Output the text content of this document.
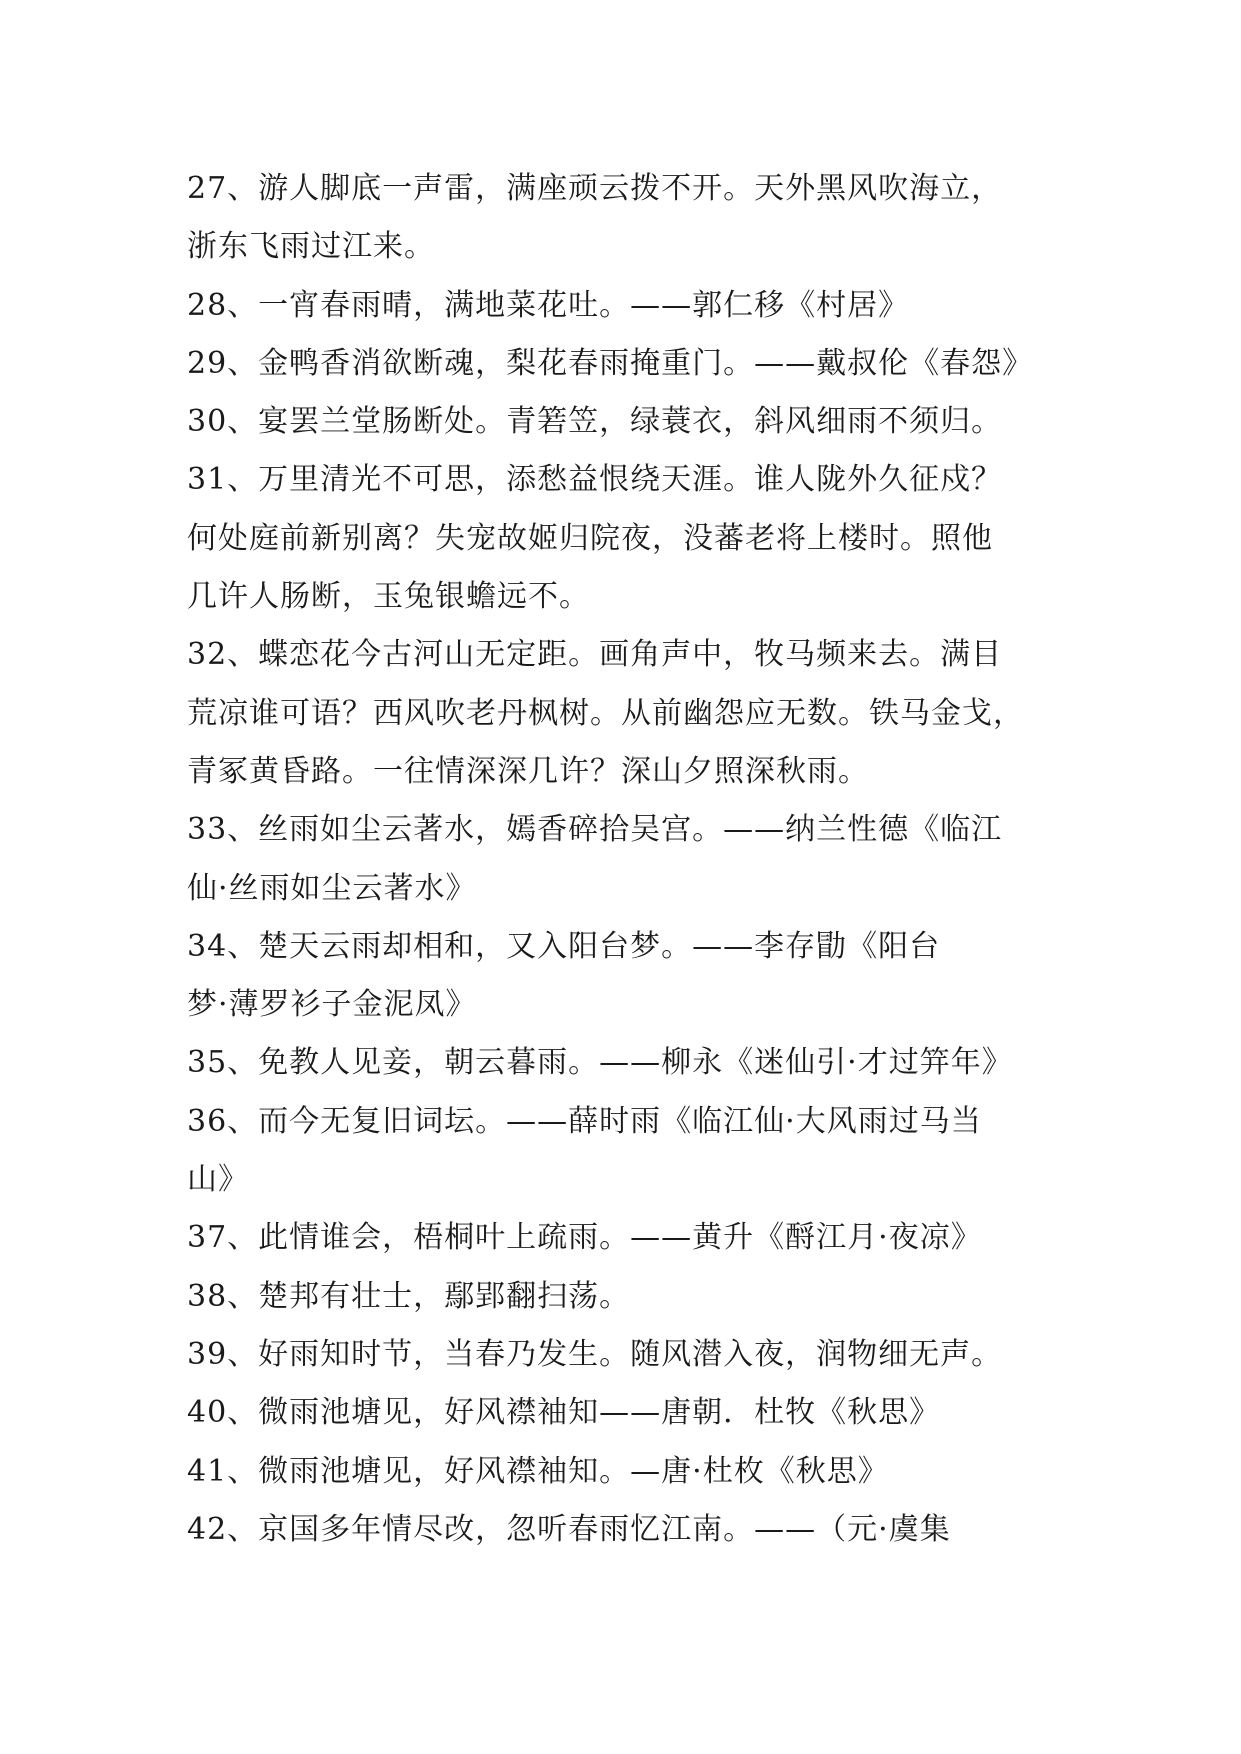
27、游人脚底一声雷，满座顽云拨不开。天外黑风吹海立，
浙东飞雨过江来。
28、一宵春雨晴，满地菜花吐。——郭仁移《村居》
29、金鸭香消欲断魂，梨花春雨掩重门。——戴叔伦《春怨》
30、宴罢兰堂肠断处。青箬笠，绿蓑衣，斜风细雨不须归。
31、万里清光不可思，添愁益恨绕天涯。谁人陇外久征戍？
何处庭前新别离？失宠故姬归院夜，没蕃老将上楼时。照他
几许人肠断，玉兔银蟾远不。
32、蝶恋花今古河山无定距。画角声中，牧马频来去。满目
荒凉谁可语？西风吹老丹枫树。从前幽怨应无数。铁马金戈，
青冢黄昏路。一往情深深几许？深山夕照深秋雨。
33、丝雨如尘云著水，嫣香碎拾吴宫。——纳兰性德《临江
仙·丝雨如尘云著水》
34、楚天云雨却相和，又入阳台梦。——李存勖《阳台
梦·薄罗衫子金泥凤》
35、免教人见妾，朝云暮雨。——柳永《迷仙引·才过笄年》
36、而今无复旧词坛。——薛时雨《临江仙·大风雨过马当
山》
37、此情谁会，梧桐叶上疏雨。——黄升《酹江月·夜凉》
38、楚邦有壮士，鄢郢翻扫荡。
39、好雨知时节，当春乃发生。随风潜入夜，润物细无声。
40、微雨池塘见，好风襟袖知——唐朝．杜牧《秋思》
41、微雨池塘见，好风襟袖知。—唐·杜枚《秋思》
42、京国多年情尽改，忽听春雨忆江南。——（元·虞集
